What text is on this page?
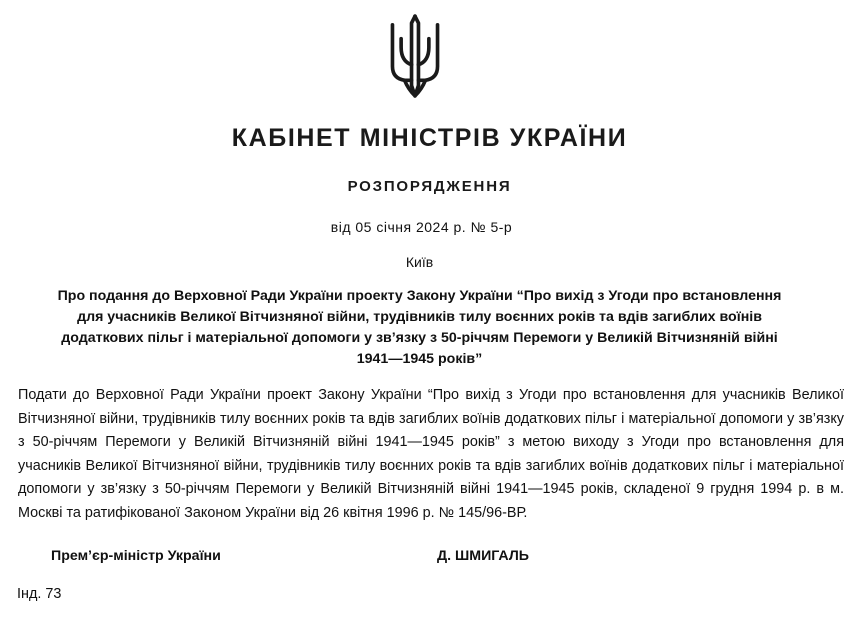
КАБІНЕТ МІНІСТРІВ УКРАЇНИ
РОЗПОРЯДЖЕННЯ
від 05 січня 2024 р. № 5-р
Київ
Про подання до Верховної Ради України проекту Закону України “Про вихід з Угоди про встановлення для учасників Великої Вітчизняної війни, трудівників тилу воєнних років та вдів загиблих воїнів додаткових пільг і матеріальної допомоги у зв’язку з 50-річчям Перемоги у Великій Вітчизняній війні 1941—1945 років”
Подати до Верховної Ради України проект Закону України “Про вихід з Угоди про встановлення для учасників Великої Вітчизняної війни, трудівників тилу воєнних років та вдів загиблих воїнів додаткових пільг і матеріальної допомоги у зв’язку з 50-річчям Перемоги у Великій Вітчизняній війні 1941—1945 років” з метою виходу з Угоди про встановлення для учасників Великої Вітчизняної війни, трудівників тилу воєнних років та вдів загиблих воїнів додаткових пільг і матеріальної допомоги у зв’язку з 50-річчям Перемоги у Великій Вітчизняній війні 1941—1945 років, складеної 9 грудня 1994 р. в м. Москві та ратифікованої Законом України від 26 квітня 1996 р. № 145/96-ВР.
Прем’єр-міністр України	Д. ШМИГАЛЬ
Інд. 73
